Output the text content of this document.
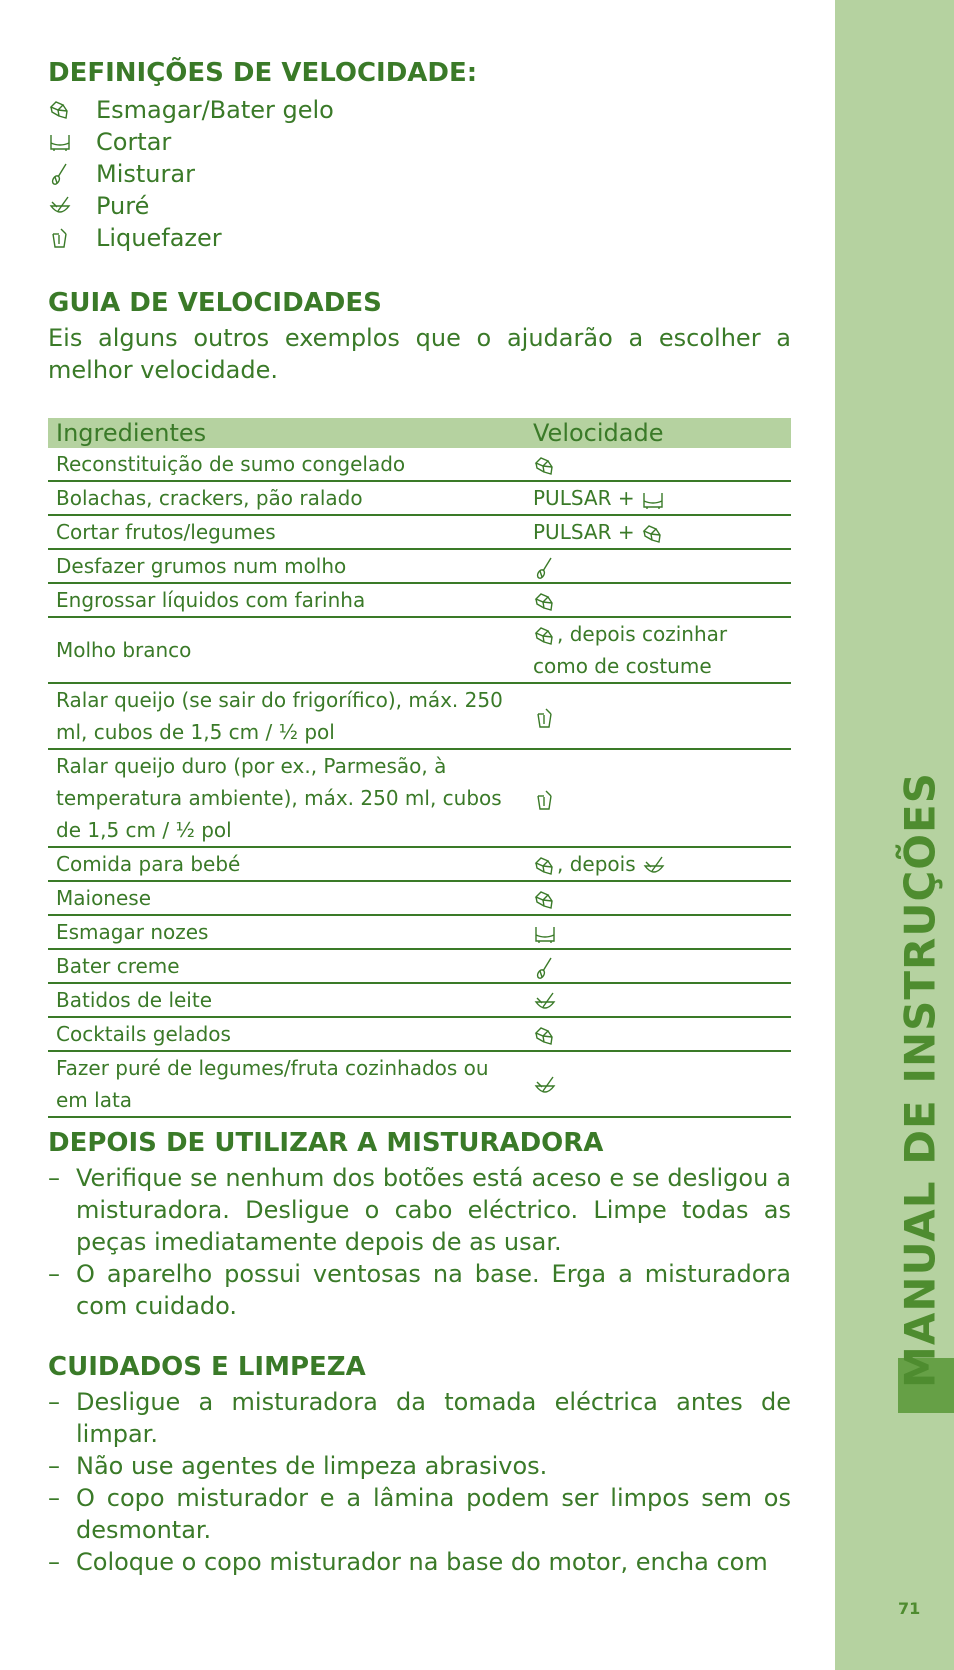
MANUAL DE INSTRUÇÕES
71
DEFINIÇÕES DE VELOCIDADE:
Esmagar/Bater gelo
Cortar
Misturar
Puré
Liquefazer
GUIA DE VELOCIDADES

Eis alguns outros exemplos que o ajudarão a escolher a melhor velocidade.

Ingredientes	Velocidade
Reconstituição de sumo congelado	

Bolachas, crackers, pão ralado	PULSAR +

Cortar frutos/legumes	PULSAR +

Desfazer grumos num molho	

Engrossar líquidos com farinha	

Molho branco	, depois cozinhar como de costume
Ralar queijo (se sair do frigorífico), máx. 250 ml, cubos de 1,5 cm / ½ pol	

Ralar queijo duro (por ex., Parmesão, à temperatura ambiente), máx. 250 ml, cubos de 1,5 cm / ½ pol	

Comida para bebé	, depois

Maionese	

Esmagar nozes	

Bater creme	

Batidos de leite	

Cocktails gelados	

Fazer puré de legumes/fruta cozinhados ou em lata	
DEPOIS DE UTILIZAR A MISTURADORA
– Verifique se nenhum dos botões está aceso e se desligou a misturadora. Desligue o cabo eléctrico. Limpe todas as peças imediatamente depois de as usar.
– O aparelho possui ventosas na base. Erga a misturadora com cuidado.
CUIDADOS E LIMPEZA
– Desligue a misturadora da tomada eléctrica antes de limpar.
– Não use agentes de limpeza abrasivos.
– O copo misturador e a lâmina podem ser limpos sem os desmontar.
– Coloque o copo misturador na base do motor, encha com
